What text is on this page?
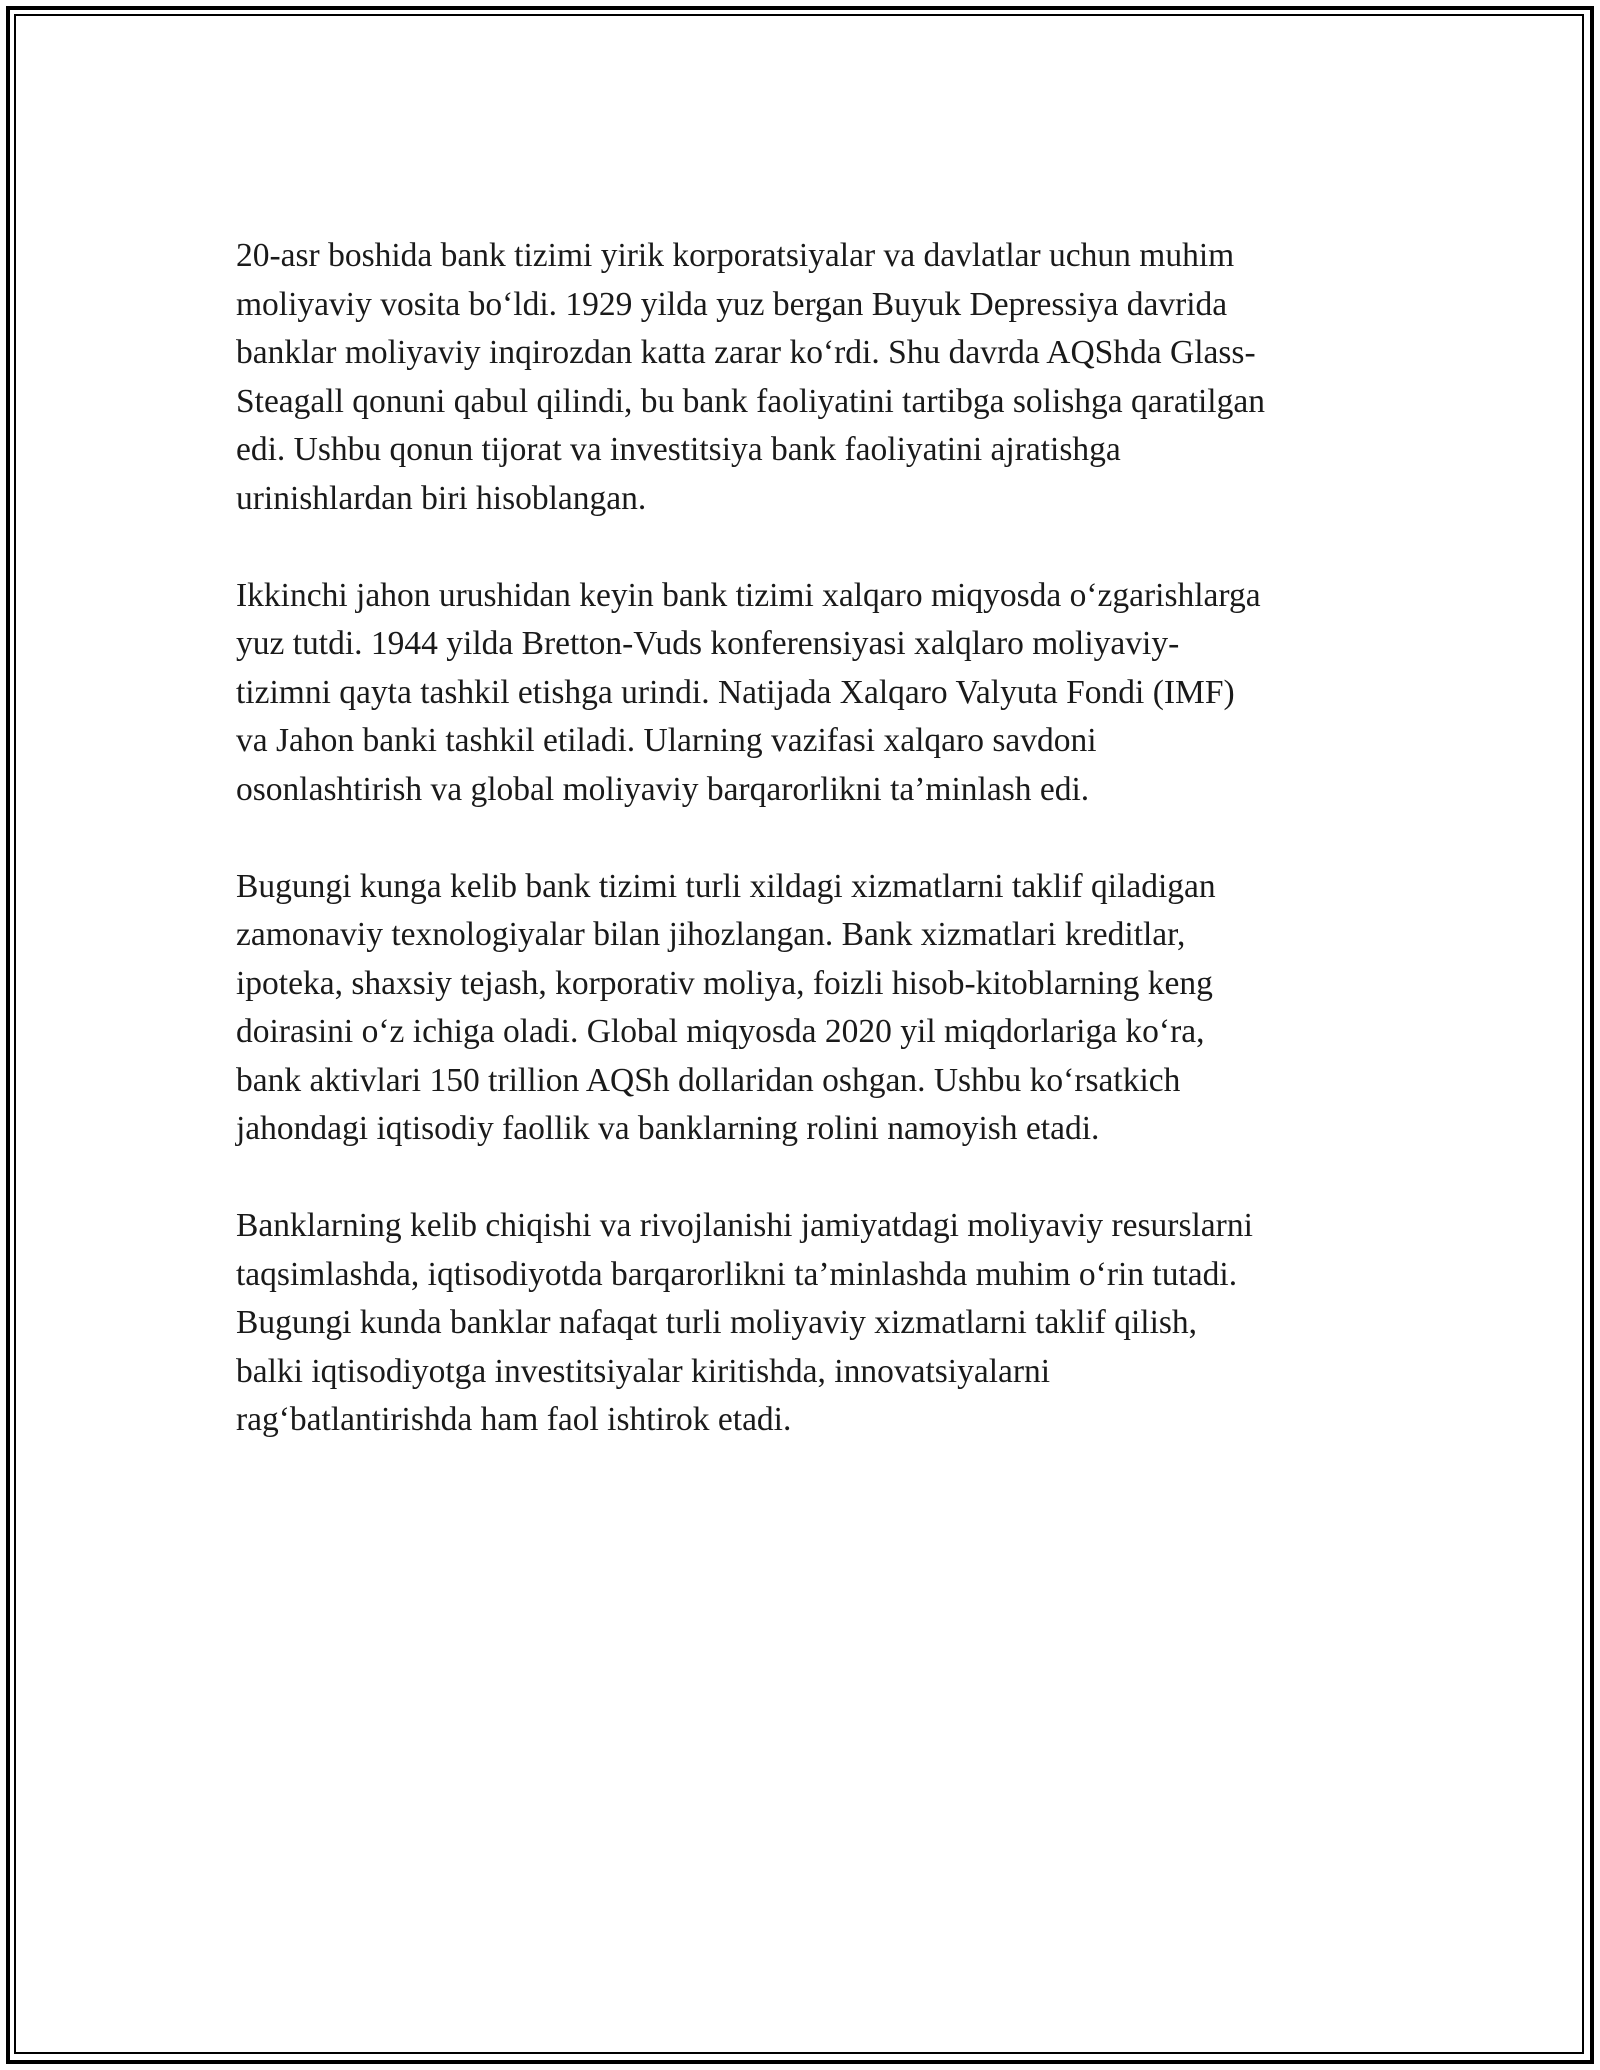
20-asr boshida bank tizimi yirik korporatsiyalar va davlatlar uchun muhim
moliyaviy vosita bo‘ldi. 1929 yilda yuz bergan Buyuk Depressiya davrida
banklar moliyaviy inqirozdan katta zarar ko‘rdi. Shu davrda AQShda Glass-
Steagall qonuni qabul qilindi, bu bank faoliyatini tartibga solishga qaratilgan
edi. Ushbu qonun tijorat va investitsiya bank faoliyatini ajratishga
urinishlardan biri hisoblangan.

Ikkinchi jahon urushidan keyin bank tizimi xalqaro miqyosda o‘zgarishlarga
yuz tutdi. 1944 yilda Bretton-Vuds konferensiyasi xalqlaro moliyaviy-
tizimni qayta tashkil etishga urindi. Natijada Xalqaro Valyuta Fondi (IMF)
va Jahon banki tashkil etiladi. Ularning vazifasi xalqaro savdoni
osonlashtirish va global moliyaviy barqarorlikni ta’minlash edi.

Bugungi kunga kelib bank tizimi turli xildagi xizmatlarni taklif qiladigan
zamonaviy texnologiyalar bilan jihozlangan. Bank xizmatlari kreditlar,
ipoteka, shaxsiy tejash, korporativ moliya, foizli hisob-kitoblarning keng
doirasini o‘z ichiga oladi. Global miqyosda 2020 yil miqdorlariga ko‘ra,
bank aktivlari 150 trillion AQSh dollaridan oshgan. Ushbu ko‘rsatkich
jahondagi iqtisodiy faollik va banklarning rolini namoyish etadi.

Banklarning kelib chiqishi va rivojlanishi jamiyatdagi moliyaviy resurslarni
taqsimlashda, iqtisodiyotda barqarorlikni ta’minlashda muhim o‘rin tutadi.
Bugungi kunda banklar nafaqat turli moliyaviy xizmatlarni taklif qilish,
balki iqtisodiyotga investitsiyalar kiritishda, innovatsiyalarni
rag‘batlantirishda ham faol ishtirok etadi.
